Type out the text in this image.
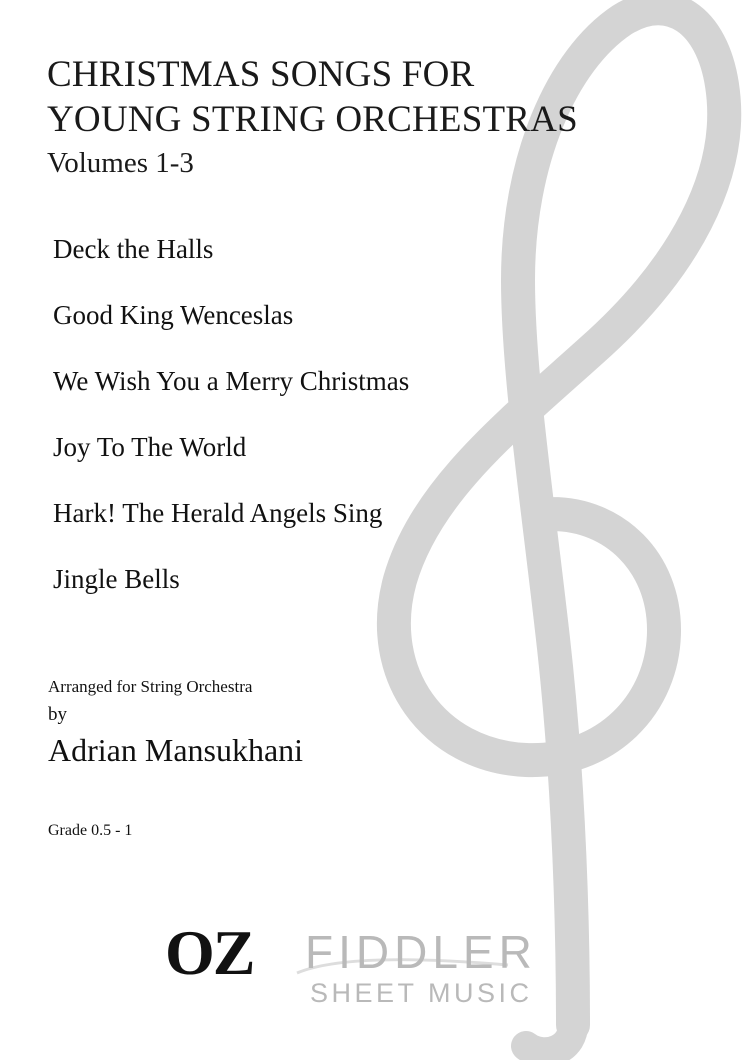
CHRISTMAS SONGS FOR
YOUNG STRING ORCHESTRAS
Volumes 1-3
Deck the Halls
Good King Wenceslas
We Wish You a Merry Christmas
Joy To The World
Hark! The Herald Angels Sing
Jingle Bells
Arranged for String Orchestra
by
Adrian Mansukhani
Grade 0.5 - 1
OZ FIDDLER
SHEET MUSIC
